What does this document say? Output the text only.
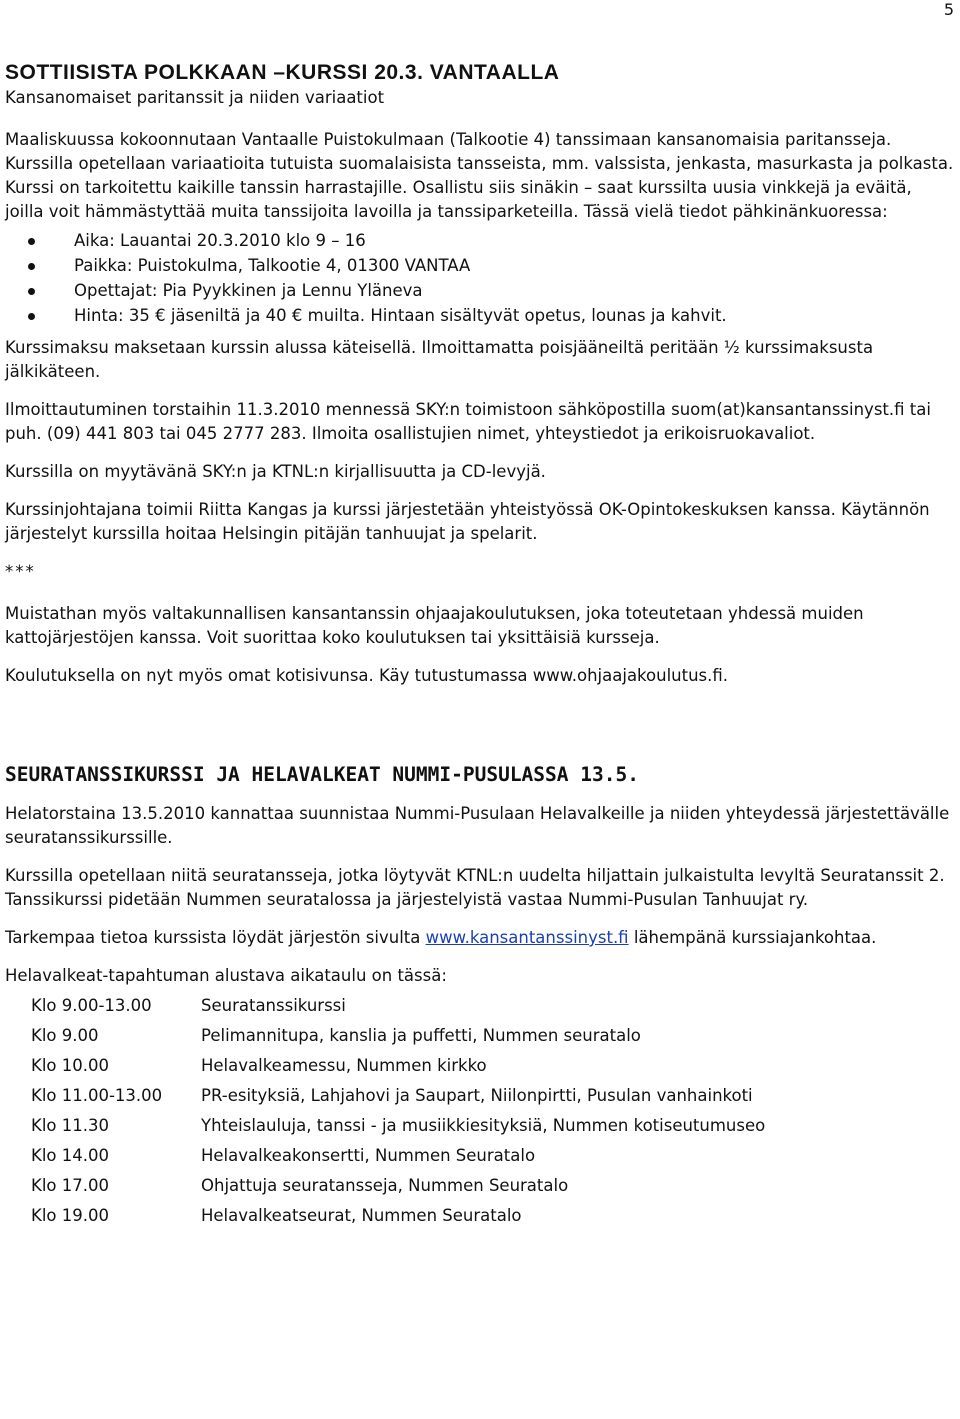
5
SOTTIISISTA POLKKAAN –KURSSI 20.3. VANTAALLA

Kansanomaiset paritanssit ja niiden variaatiot

Maaliskuussa kokoonnutaan Vantaalle Puistokulmaan (Talkootie 4) tanssimaan kansanomaisia paritansseja. Kurssilla opetellaan variaatioita tutuista suomalaisista tansseista, mm. valssista, jenkasta, masurkasta ja polkasta. Kurssi on tarkoitettu kaikille tanssin harrastajille. Osallistu siis sinäkin – saat kurssilta uusia vinkkejä ja eväitä, joilla voit hämmästyttää muita tanssijoita lavoilla ja tanssiparketeilla. Tässä vielä tiedot pähkinänkuoressa:

Aika: Lauantai 20.3.2010 klo 9 – 16
Paikka: Puistokulma, Talkootie 4, 01300 VANTAA
Opettajat: Pia Pyykkinen ja Lennu Yläneva
Hinta: 35 € jäseniltä ja 40 € muilta. Hintaan sisältyvät opetus, lounas ja kahvit.

Kurssimaksu maksetaan kurssin alussa käteisellä. Ilmoittamatta poisjääneiltä peritään ½ kurssimaksusta jälkikäteen.

Ilmoittautuminen torstaihin 11.3.2010 mennessä SKY:n toimistoon sähköpostilla suom(at)kansantanssinyst.fi tai puh. (09) 441 803 tai 045 2777 283. Ilmoita osallistujien nimet, yhteystiedot ja erikoisruokavaliot.

Kurssilla on myytävänä SKY:n ja KTNL:n kirjallisuutta ja CD-levyjä.

Kurssinjohtajana toimii Riitta Kangas ja kurssi järjestetään yhteistyössä OK-Opintokeskuksen kanssa. Käytännön järjestelyt kurssilla hoitaa Helsingin pitäjän tanhuujat ja spelarit.

***

Muistathan myös valtakunnallisen kansantanssin ohjaajakoulutuksen, joka toteutetaan yhdessä muiden kattojärjestöjen kanssa. Voit suorittaa koko koulutuksen tai yksittäisiä kursseja.

Koulutuksella on nyt myös omat kotisivunsa. Käy tutustumassa www.ohjaajakoulutus.fi.

SEURATANSSIKURSSI JA HELAVALKEAT NUMMI-PUSULASSA 13.5.

Helatorstaina 13.5.2010 kannattaa suunnistaa Nummi-Pusulaan Helavalkeille ja niiden yhteydessä järjestettävälle seuratanssikurssille.

Kurssilla opetellaan niitä seuratansseja, jotka löytyvät KTNL:n uudelta hiljattain julkaistulta levyltä Seuratanssit 2. Tanssikurssi pidetään Nummen seuratalossa ja järjestelyistä vastaa Nummi-Pusulan Tanhuujat ry.

Tarkempaa tietoa kurssista löydät järjestön sivulta www.kansantanssinyst.fi lähempänä kurssiajankohtaa.

Helavalkeat-tapahtuman alustava aikataulu on tässä:

Klo 9.00-13.00	Seuratanssikurssi
Klo 9.00	Pelimannitupa, kanslia ja puffetti, Nummen seuratalo
Klo 10.00	Helavalkeamessu, Nummen kirkko
Klo 11.00-13.00	PR-esityksiä, Lahjahovi ja Saupart, Niilonpirtti, Pusulan vanhainkoti
Klo 11.30	Yhteislauluja, tanssi - ja musiikkiesityksiä, Nummen kotiseutumuseo
Klo 14.00	Helavalkeakonsertti, Nummen Seuratalo
Klo 17.00	Ohjattuja seuratansseja, Nummen Seuratalo
Klo 19.00	Helavalkeatseurat, Nummen Seuratalo
